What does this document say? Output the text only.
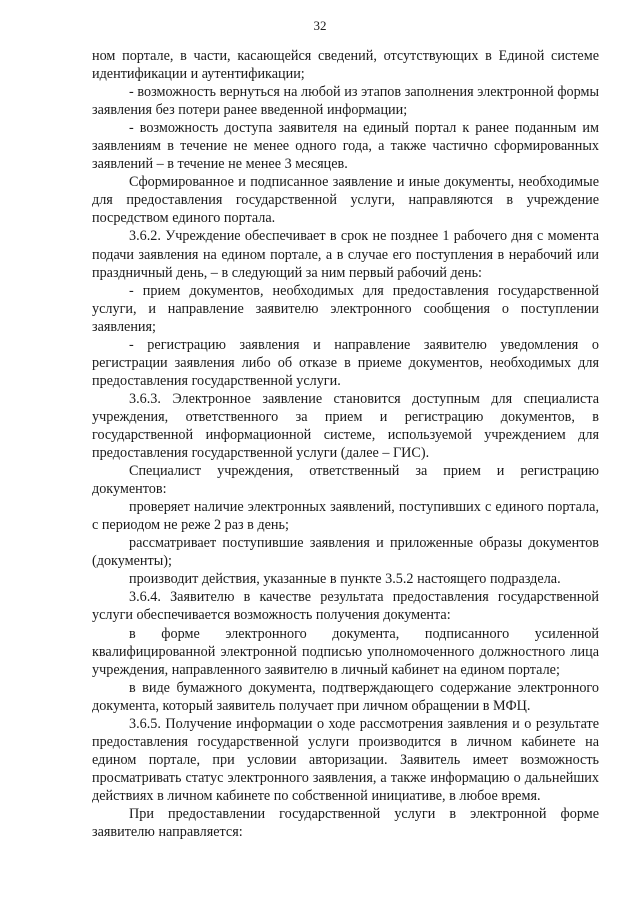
32

ном портале, в части, касающейся сведений, отсутствующих в Единой системе идентификации и аутентификации;

- возможность вернуться на любой из этапов заполнения электронной формы заявления без потери ранее введенной информации;

- возможность доступа заявителя на единый портал к ранее поданным им заявлениям в течение не менее одного года, а также частично сформированных заявлений – в течение не менее 3 месяцев.

Сформированное и подписанное заявление и иные документы, необходимые для предоставления государственной услуги, направляются в учреждение посредством единого портала.

3.6.2. Учреждение обеспечивает в срок не позднее 1 рабочего дня с момента подачи заявления на едином портале, а в случае его поступления в нерабочий или праздничный день, – в следующий за ним первый рабочий день:

- прием документов, необходимых для предоставления государственной услуги, и направление заявителю электронного сообщения о поступлении заявления;

- регистрацию заявления и направление заявителю уведомления о регистрации заявления либо об отказе в приеме документов, необходимых для предоставления государственной услуги.

3.6.3. Электронное заявление становится доступным для специалиста учреждения, ответственного за прием и регистрацию документов, в государственной информационной системе, используемой учреждением для предоставления государственной услуги (далее – ГИС).

Специалист учреждения, ответственный за прием и регистрацию документов:

проверяет наличие электронных заявлений, поступивших с единого портала, с периодом не реже 2 раз в день;

рассматривает поступившие заявления и приложенные образы документов (документы);

производит действия, указанные в пункте 3.5.2 настоящего подраздела.

3.6.4. Заявителю в качестве результата предоставления государственной услуги обеспечивается возможность получения документа:

в форме электронного документа, подписанного усиленной квалифицированной электронной подписью уполномоченного должностного лица учреждения, направленного заявителю в личный кабинет на едином портале;

в виде бумажного документа, подтверждающего содержание электронного документа, который заявитель получает при личном обращении в МФЦ.

3.6.5. Получение информации о ходе рассмотрения заявления и о результате предоставления государственной услуги производится в личном кабинете на едином портале, при условии авторизации. Заявитель имеет возможность просматривать статус электронного заявления, а также информацию о дальнейших действиях в личном кабинете по собственной инициативе, в любое время.

При предоставлении государственной услуги в электронной форме заявителю направляется:
